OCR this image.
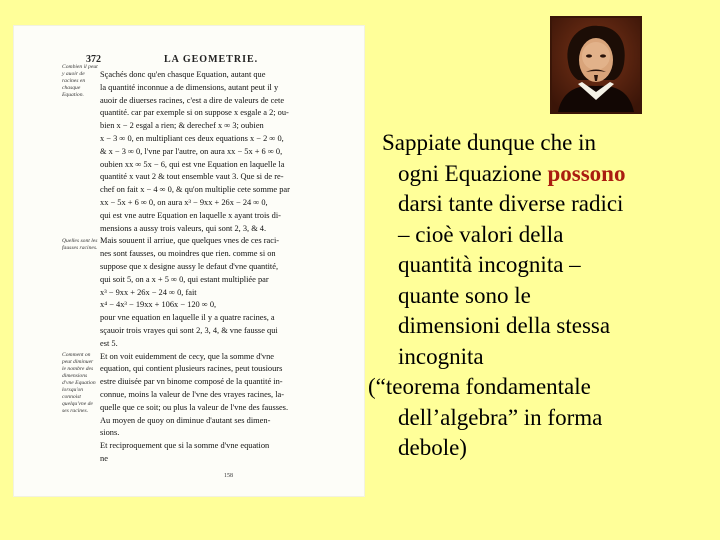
372	LA GEOMETRIE.
Combien il peut y auoir de racines en chasque Equation.
Quelles sont les fausses racines.
Comment on peut diminuer le nombre des dimensions d'vne Equation lorsqu'on connoist quelqu'vne de ses racines.
Sçachés donc qu'en chasque Equation, autant que
la quantité inconnue a de dimensions, autant peut il y
auoir de diuerses racines, c'est a dire de valeurs de cete
quantité. car par exemple si on suppose x esgale a 2; ou-
bien x − 2 esgal a rien; & derechef x ∞ 3; oubien
x − 3 ∞ 0, en multipliant ces deux equations x − 2 ∞ 0,
& x − 3 ∞ 0, l'vne par l'autre, on aura xx − 5x + 6 ∞ 0,
oubien xx ∞ 5x − 6, qui est vne Equation en laquelle la
quantité x vaut 2 & tout ensemble vaut 3. Que si de re-
chef on fait x − 4 ∞ 0, & qu'on multiplie cete somme par
xx − 5x + 6 ∞ 0, on aura x³ − 9xx + 26x − 24 ∞ 0,
qui est vne autre Equation en laquelle x ayant trois di-
mensions a aussy trois valeurs, qui sont 2, 3, & 4.
Mais souuent il arriue, que quelques vnes de ces raci-
nes sont fausses, ou moindres que rien. comme si on
suppose que x designe aussy le defaut d'vne quantité,
qui soit 5, on a x + 5 ∞ 0, qui estant multipliée par
x³ − 9xx + 26x − 24 ∞ 0, fait
x⁴ − 4x³ − 19xx + 106x − 120 ∞ 0,
pour vne equation en laquelle il y a quatre racines, a
sçauoir trois vrayes qui sont 2, 3, 4, & vne fausse qui
est 5.
Et on voit euidemment de cecy, que la somme d'vne
equation, qui contient plusieurs racines, peut tousiours
estre diuisée par vn binome composé de la quantité in-
connue, moins la valeur de l'vne des vrayes racines, la-
quelle que ce soit; ou plus la valeur de l'vne des fausses.
Au moyen de quoy on diminue d'autant ses dimen-
sions.
Et reciproquement que si la somme d'vne equation
ne
158
Sappiate dunque che in
ogni Equazione possono
darsi tante diverse radici
– cioè valori della
quantità incognita –
quante sono le
dimensioni della stessa
incognita
(“teorema fondamentale
dell’algebra” in forma
debole)
